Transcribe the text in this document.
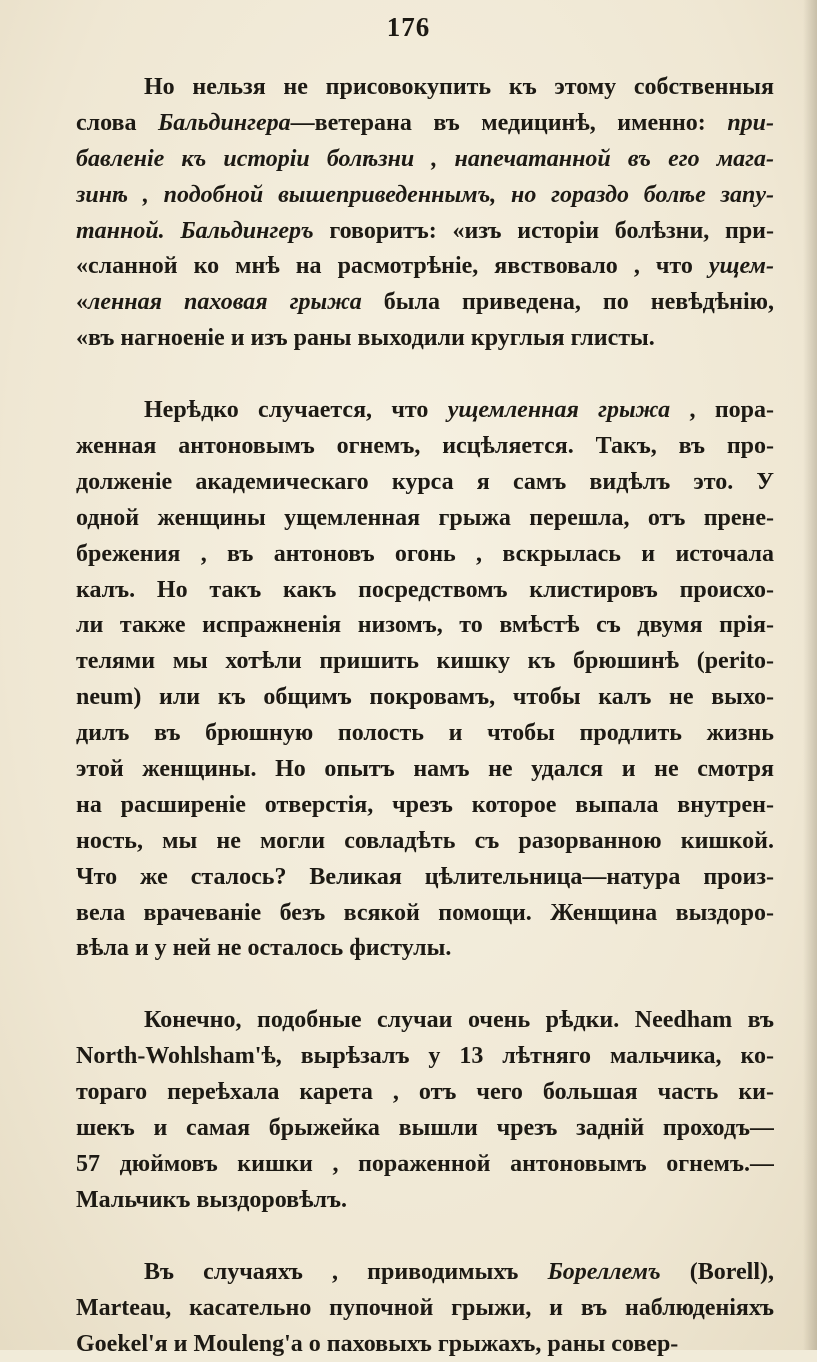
176
Но нельзя не присовокупить къ этому собственныя
слова Бальдингера—ветерана въ медицинѣ, именно: при-
бавленіе къ исторіи болѣзни , напечатанной въ его мага-
зинѣ , подобной вышеприведеннымъ, но гораздо болѣе запу-
танной. Бальдингеръ говоритъ: «изъ исторіи болѣзни, при-
«сланной ко мнѣ на расмотрѣніе, явствовало , что ущем-
«ленная паховая грыжа была приведена, по невѣдѣнію,
«въ нагноеніе и изъ раны выходили круглыя глисты.
Нерѣдко случается, что ущемленная грыжа , пора-
женная антоновымъ огнемъ, исцѣляется. Такъ, въ про-
долженіе академическаго курса я самъ видѣлъ это. У
одной женщины ущемленная грыжа перешла, отъ прене-
брежения , въ антоновъ огонь , вскрылась и источала
калъ. Но такъ какъ посредствомъ клистировъ происхо-
ли также испражненія низомъ, то вмѣстѣ съ двумя прія-
телями мы хотѣли пришить кишку къ брюшинѣ (perito-
neum) или къ общимъ покровамъ, чтобы калъ не выхо-
дилъ въ брюшную полость и чтобы продлить жизнь
этой женщины. Но опытъ намъ не удался и не смотря
на расширеніе отверстія, чрезъ которое выпала внутрен-
ность, мы не могли совладѣть съ разорванною кишкой.
Что же сталось? Великая цѣлительница—натура произ-
вела врачеваніе безъ всякой помощи. Женщина выздоро-
вѣла и у ней не осталось фистулы.
Конечно, подобные случаи очень рѣдки. Needham въ
North-Wohlsham'ѣ, вырѣзалъ у 13 лѣтняго мальчика, ко-
тораго переѣхала карета , отъ чего большая часть ки-
шекъ и самая брыжейка вышли чрезъ задній проходъ—
57 дюймовъ кишки , пораженной антоновымъ огнемъ.—
Мальчикъ выздоровѣлъ.
Въ случаяхъ , приводимыхъ Бореллемъ (Borell),
Marteau, касательно пупочной грыжи, и въ наблюденіяхъ
Goekel'я и Mouleng'а о паховыхъ грыжахъ, раны совер-
